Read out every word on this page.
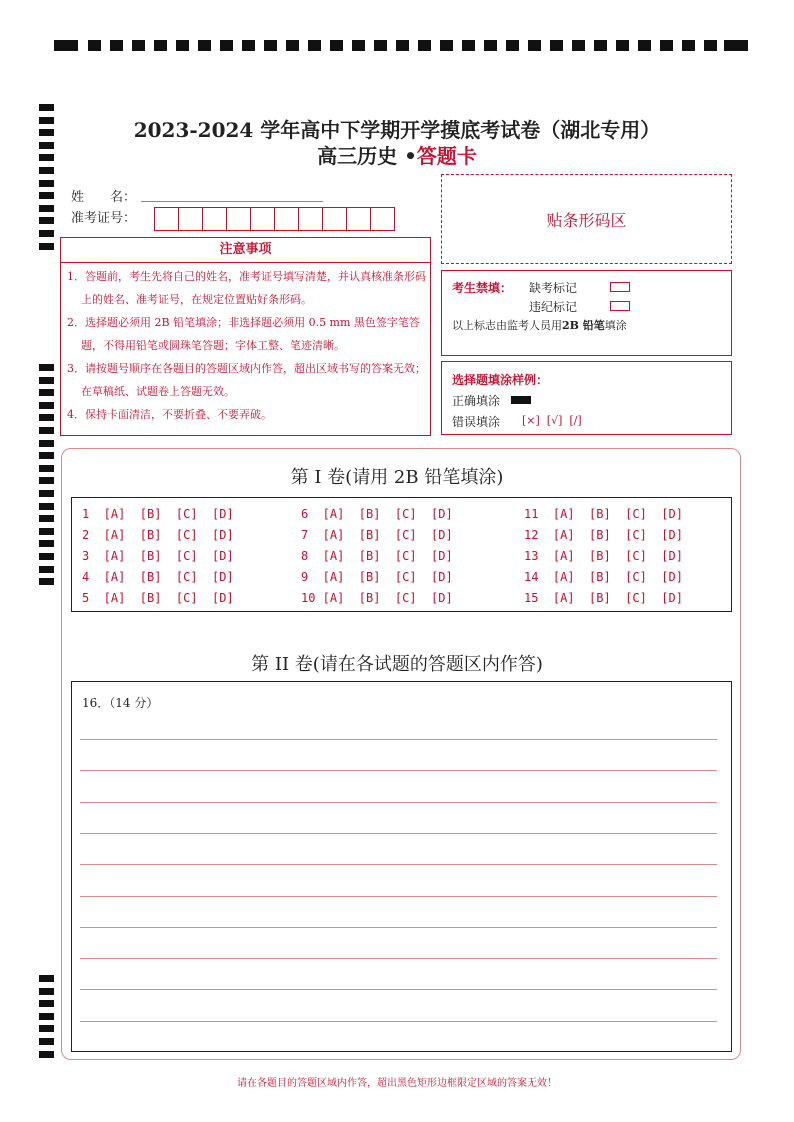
2023-2024 学年高中下学期开学摸底考试卷（湖北专用）
高三历史 •答题卡
姓　　名：
准考证号：	贴条形码区
注意事项
1．答题前，考生先将自己的姓名，准考证号填写清楚，并认真核准条形码上的姓名、准考证号，在规定位置贴好条形码。
2．选择题必须用 2B 铅笔填涂；非选择题必须用 0.5 mm 黑色签字笔答题，不得用铅笔或圆珠笔答题；字体工整、笔迹清晰。
3．请按题号顺序在各题目的答题区域内作答，超出区域书写的答案无效；在草稿纸、试题卷上答题无效。
4．保持卡面清洁，不要折叠、不要弄破。
考生禁填： 缺考标记
违纪标记
以上标志由监考人员用2B 铅笔填涂
选择题填涂样例：
正确填涂
错误填涂 [×]  [√]  [/]
第 I 卷(请用 2B 铅笔填涂)
1  [A]  [B]  [C]  [D]	6  [A]  [B]  [C]  [D]	11  [A]  [B]  [C]  [D]
2  [A]  [B]  [C]  [D]	7  [A]  [B]  [C]  [D]	12  [A]  [B]  [C]  [D]
3  [A]  [B]  [C]  [D]	8  [A]  [B]  [C]  [D]	13  [A]  [B]  [C]  [D]
4  [A]  [B]  [C]  [D]	9  [A]  [B]  [C]  [D]	14  [A]  [B]  [C]  [D]
5  [A]  [B]  [C]  [D]	10 [A]  [B]  [C]  [D]	15  [A]  [B]  [C]  [D]
第 II 卷(请在各试题的答题区内作答)
16．（14 分）
请在各题目的答题区域内作答，超出黑色矩形边框限定区域的答案无效！
